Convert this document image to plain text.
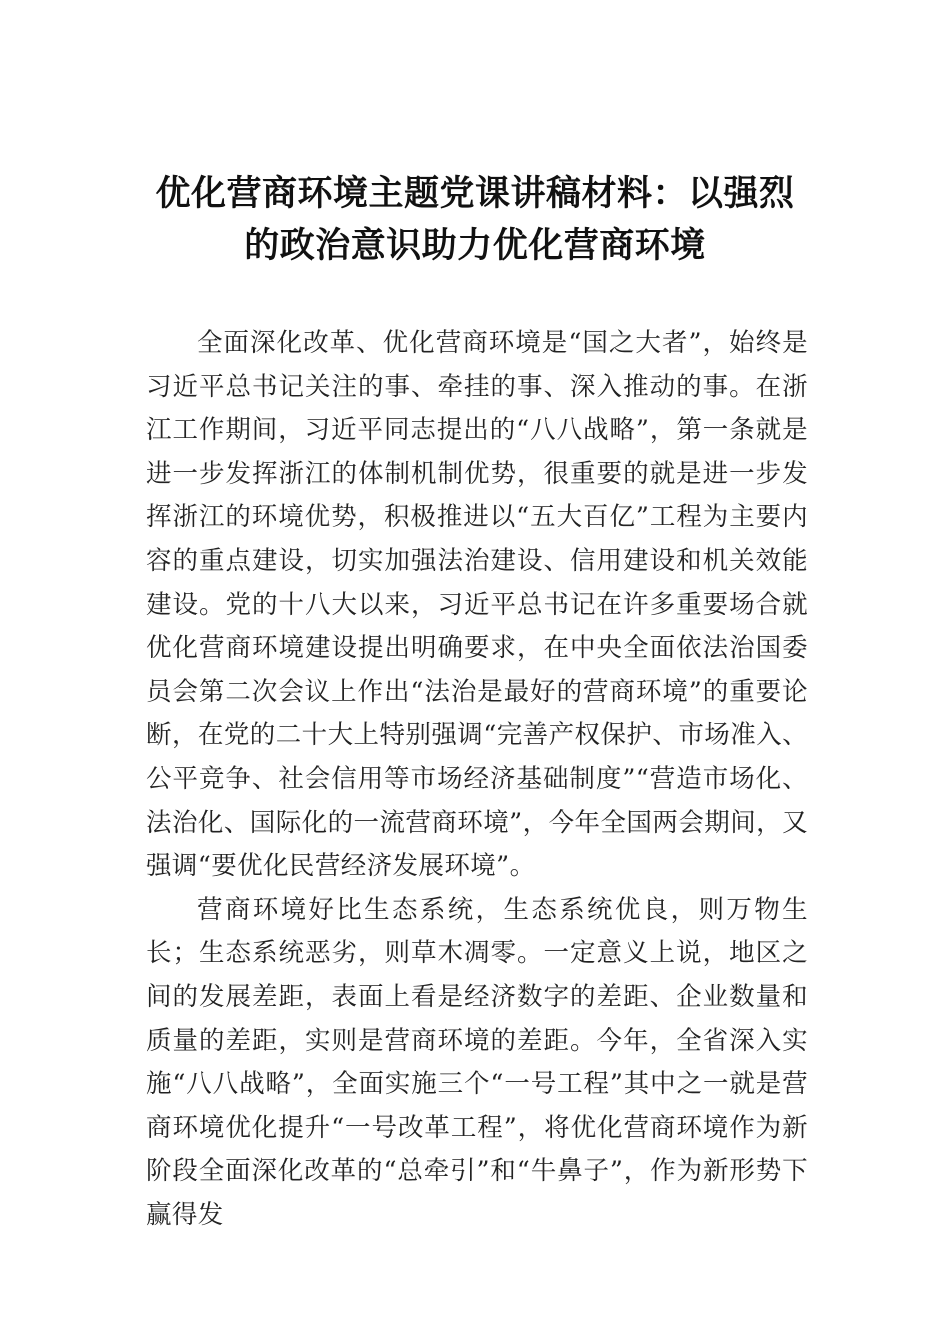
优化营商环境主题党课讲稿材料：以强烈
的政治意识助力优化营商环境

全面深化改革、优化营商环境是“国之大者”，始终是习近平总书记关注的事、牵挂的事、深入推动的事。在浙江工作期间，习近平同志提出的“八八战略”，第一条就是进一步发挥浙江的体制机制优势，很重要的就是进一步发挥浙江的环境优势，积极推进以“五大百亿”工程为主要内容的重点建设，切实加强法治建设、信用建设和机关效能建设。党的十八大以来，习近平总书记在许多重要场合就优化营商环境建设提出明确要求，在中央全面依法治国委员会第二次会议上作出“法治是最好的营商环境”的重要论断，在党的二十大上特别强调“完善产权保护、市场准入、公平竞争、社会信用等市场经济基础制度”“营造市场化、法治化、国际化的一流营商环境”，今年全国两会期间，又强调“要优化民营经济发展环境”。

营商环境好比生态系统，生态系统优良，则万物生长；生态系统恶劣，则草木凋零。一定意义上说，地区之间的发展差距，表面上看是经济数字的差距、企业数量和质量的差距，实则是营商环境的差距。今年，全省深入实施“八八战略”，全面实施三个“一号工程”其中之一就是营商环境优化提升“一号改革工程”，将优化营商环境作为新阶段全面深化改革的“总牵引”和“牛鼻子”，作为新形势下赢得发
